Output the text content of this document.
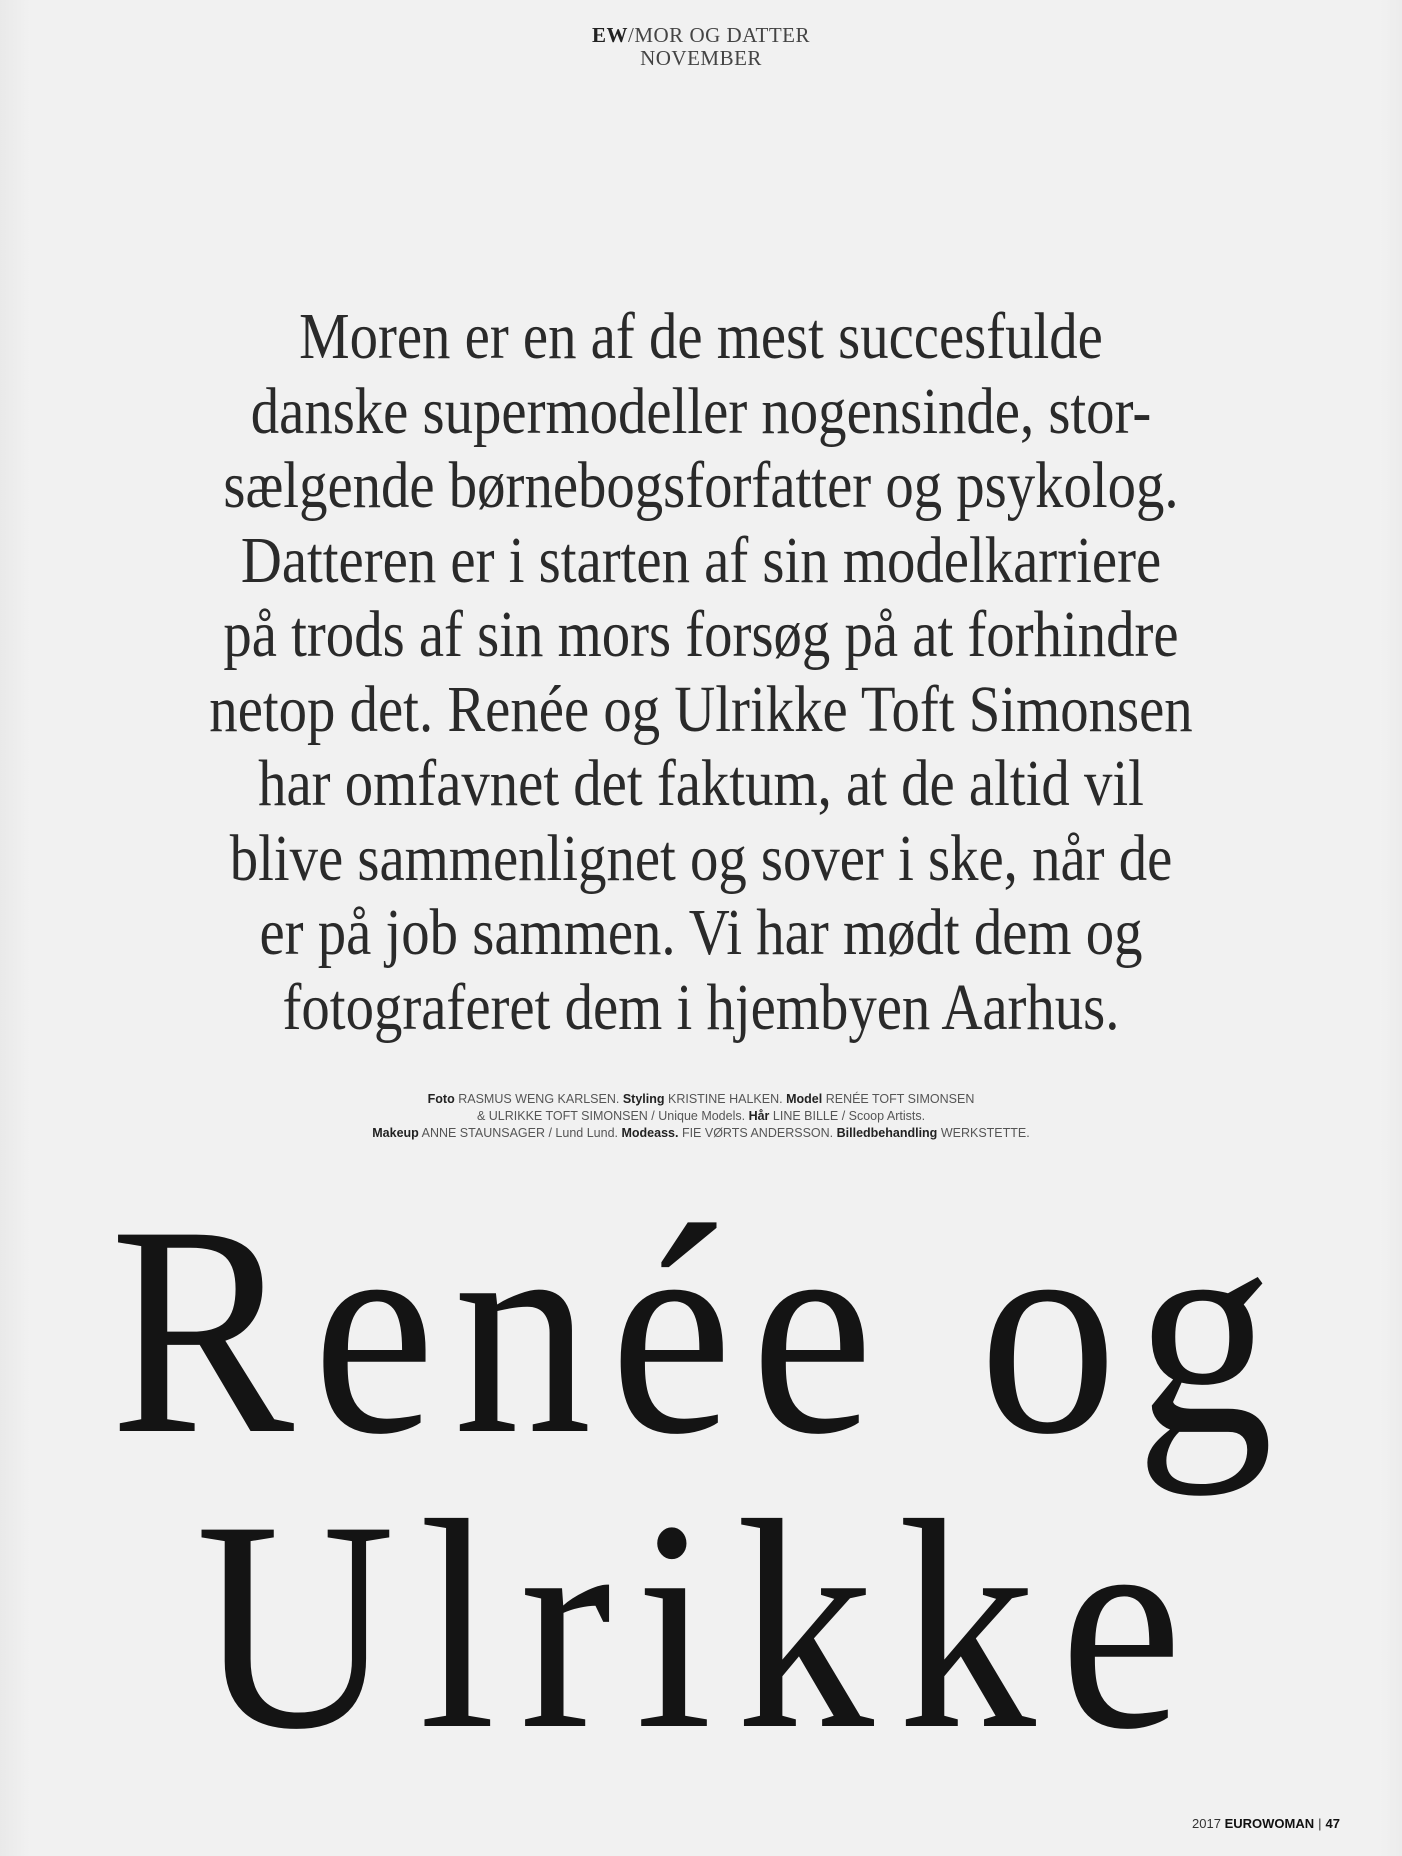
EW/MOR OG DATTER
NOVEMBER
Moren er en af de mest succesfulde
danske supermodeller nogensinde, stor-
sælgende børnebogsforfatter og psykolog.
Datteren er i starten af sin modelkarriere
på trods af sin mors forsøg på at forhindre
netop det. Renée og Ulrikke Toft Simonsen
har omfavnet det faktum, at de altid vil
blive sammenlignet og sover i ske, når de
er på job sammen. Vi har mødt dem og
fotograferet dem i hjembyen Aarhus.
Foto RASMUS WENG KARLSEN. Styling KRISTINE HALKEN. Model RENÉE TOFT SIMONSEN
& ULRIKKE TOFT SIMONSEN / Unique Models. Hår LINE BILLE / Scoop Artists.
Makeup ANNE STAUNSAGER / Lund Lund. Modeass. FIE VØRTS ANDERSSON. Billedbehandling WERKSTETTE.
Renée og
Ulrikke
2017 EUROWOMAN | 47
